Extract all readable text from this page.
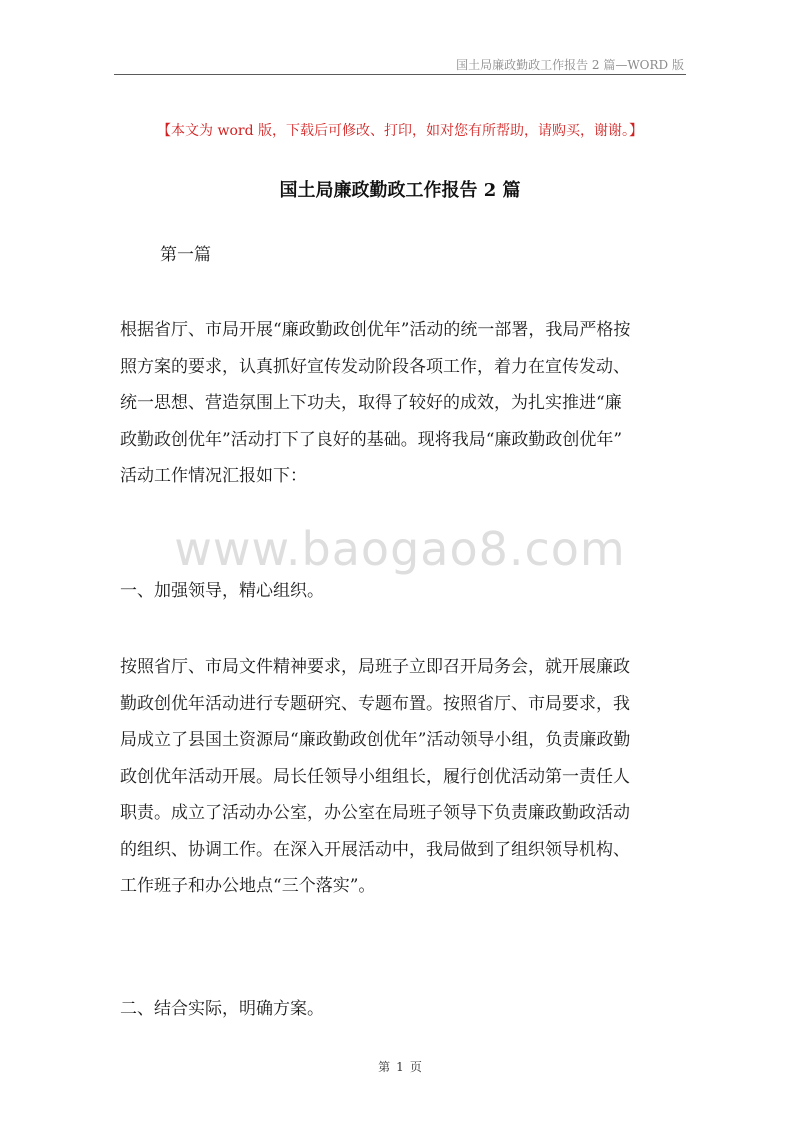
国土局廉政勤政工作报告 2 篇—WORD 版
【本文为 word 版，下载后可修改、打印，如对您有所帮助，请购买，谢谢。】
国土局廉政勤政工作报告 2 篇
第一篇
根据省厅、市局开展“廉政勤政创优年”活动的统一部署，我局严格按
照方案的要求，认真抓好宣传发动阶段各项工作，着力在宣传发动、
统一思想、营造氛围上下功夫，取得了较好的成效，为扎实推进“廉
政勤政创优年”活动打下了良好的基础。现将我局“廉政勤政创优年”
活动工作情况汇报如下：
www.baogao8.com
一、加强领导，精心组织。
按照省厅、市局文件精神要求，局班子立即召开局务会，就开展廉政
勤政创优年活动进行专题研究、专题布置。按照省厅、市局要求，我
局成立了县国土资源局“廉政勤政创优年”活动领导小组，负责廉政勤
政创优年活动开展。局长任领导小组组长，履行创优活动第一责任人
职责。成立了活动办公室，办公室在局班子领导下负责廉政勤政活动
的组织、协调工作。在深入开展活动中，我局做到了组织领导机构、
工作班子和办公地点“三个落实”。
二、结合实际，明确方案。
第 1 页
